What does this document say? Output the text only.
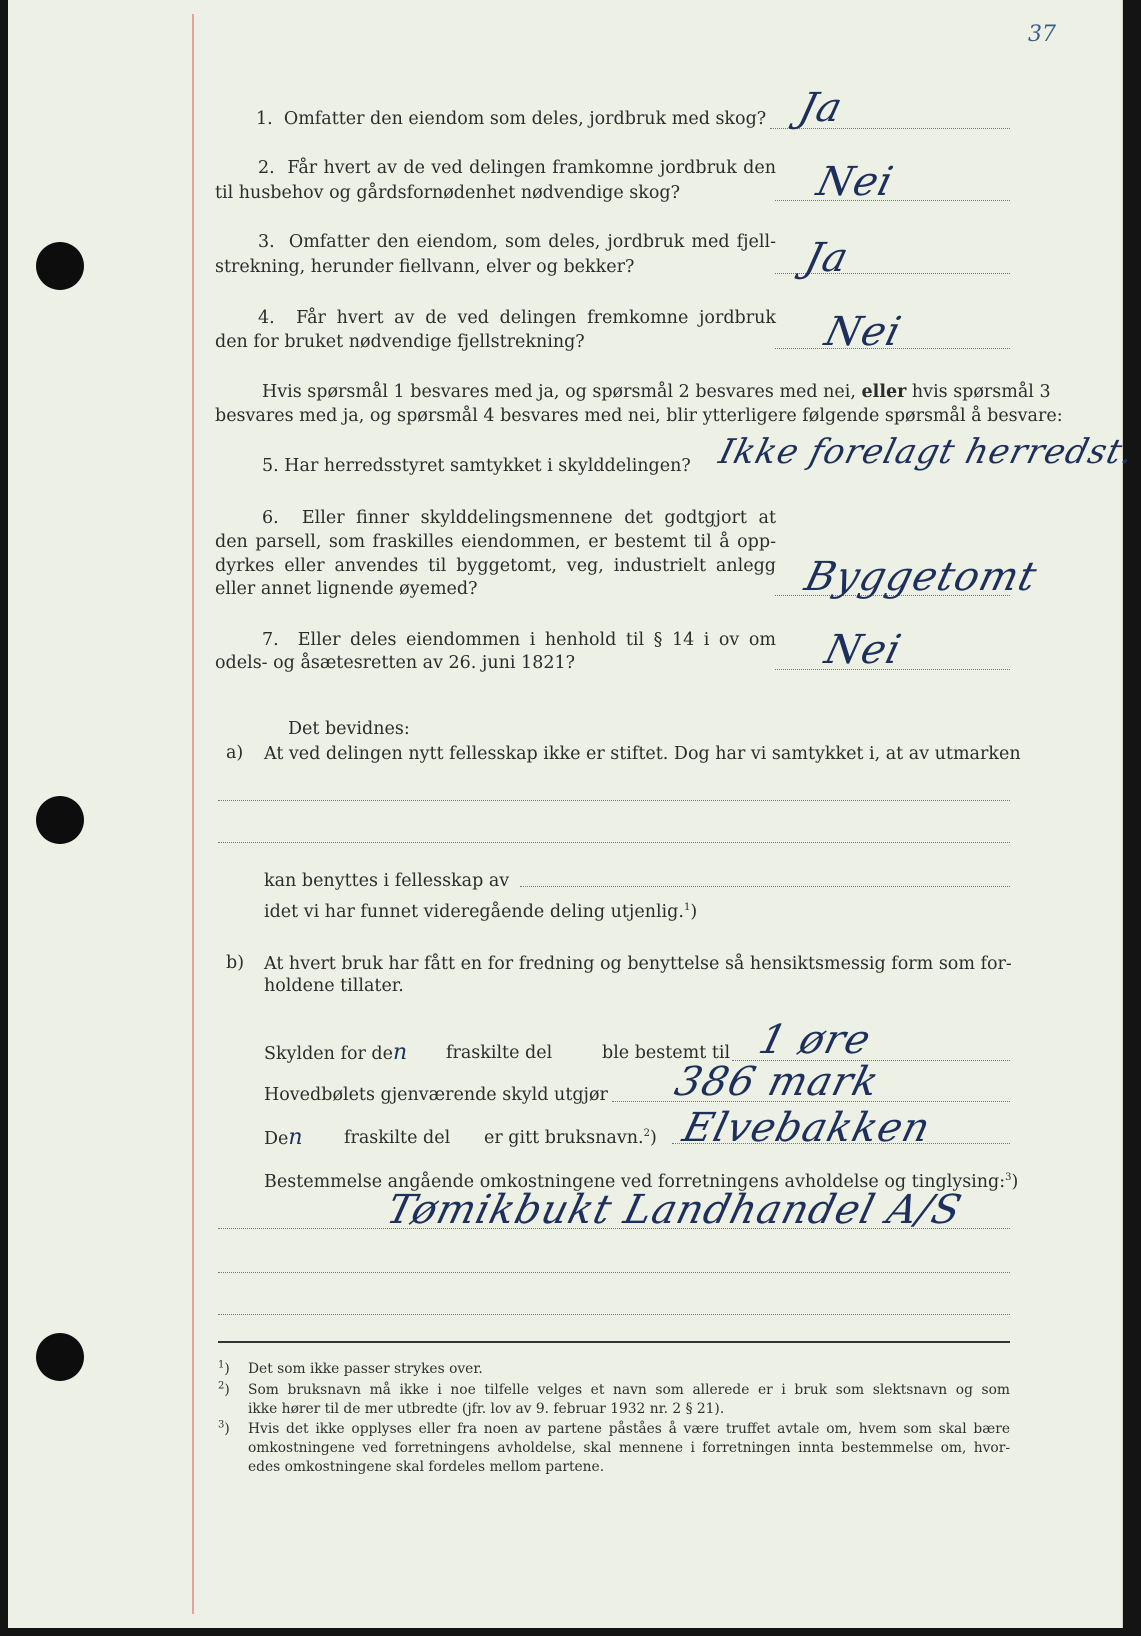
37
1. Omfatter den eiendom som deles, jordbruk med skog? Ja
2. Får hvert av de ved delingen framkomne jordbruk den
til husbehov og gårdsfornødenhet nødvendige skog?	Nei
3. Omfatter den eiendom, som deles, jordbruk med fjell-
strekning, herunder fiellvann, elver og bekker?	Ja
4. Får hvert av de ved delingen fremkomne jordbruk
den for bruket nødvendige fjellstrekning?	Nei
Hvis spørsmål 1 besvares med ja, og spørsmål 2 besvares med nei, eller hvis spørsmål 3
besvares med ja, og spørsmål 4 besvares med nei, blir ytterligere følgende spørsmål å besvare:
5. Har herredsstyret samtykket i skylddelingen? Ikke forelagt herredst.
6. Eller finner skylddelingsmennene det godtgjort at
den parsell, som fraskilles eiendommen, er bestemt til å opp-
dyrkes eller anvendes til byggetomt, veg, industrielt anlegg
eller annet lignende øyemed?	Byggetomt
7. Eller deles eiendommen i henhold til § 14 i ov om
odels- og åsætesretten av 26. juni 1821?	Nei
Det bevidnes:
a) At ved delingen nytt fellesskap ikke er stiftet. Dog har vi samtykket i, at av utmarken
kan benyttes i fellesskap av
idet vi har funnet videregående deling utjenlig.$^1$)
b) At hvert bruk har fått en for fredning og benyttelse så hensiktsmessig form som for-
holdene tillater.
Skylden for den fraskilte del	ble bestemt til 1 øre
Hovedbølets gjenværende skyld utgjør 386 mark
Den fraskilte del er gitt bruksnavn.$^2$) Elvebakken
Bestemmelse angående omkostningene ved forretningens avholdelse og tinglysing:$^3$)
Tømikbukt Landhandel A/S
$^1$) Det som ikke passer strykes over.
$^2$) Som bruksnavn må ikke i noe tilfelle velges et navn som allerede er i bruk som slektsnavn og som
ikke hører til de mer utbredte (jfr. lov av 9. februar 1932 nr. 2 § 21).
$^3$) Hvis det ikke opplyses eller fra noen av partene påståes å være truffet avtale om, hvem som skal bære
omkostningene ved forretningens avholdelse, skal mennene i forretningen innta bestemmelse om, hvor-
edes omkostningene skal fordeles mellom partene.
